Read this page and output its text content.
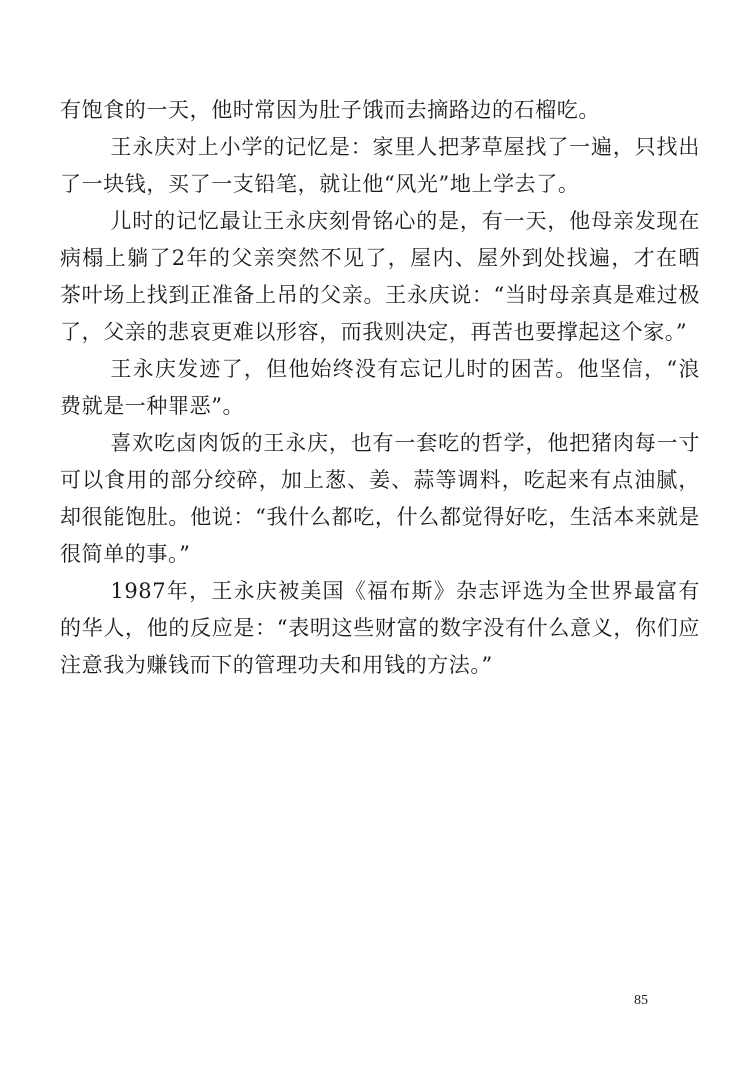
有饱食的一天，他时常因为肚子饿而去摘路边的石榴吃。

王永庆对上小学的记忆是：家里人把茅草屋找了一遍，只找出了一块钱，买了一支铅笔，就让他“风光”地上学去了。

儿时的记忆最让王永庆刻骨铭心的是，有一天，他母亲发现在病榻上躺了2年的父亲突然不见了，屋内、屋外到处找遍，才在晒茶叶场上找到正准备上吊的父亲。王永庆说：“当时母亲真是难过极了，父亲的悲哀更难以形容，而我则决定，再苦也要撑起这个家。”

王永庆发迹了，但他始终没有忘记儿时的困苦。他坚信，“浪费就是一种罪恶”。

喜欢吃卤肉饭的王永庆，也有一套吃的哲学，他把猪肉每一寸可以食用的部分绞碎，加上葱、姜、蒜等调料，吃起来有点油腻，却很能饱肚。他说：“我什么都吃，什么都觉得好吃，生活本来就是很简单的事。”

1987年，王永庆被美国《福布斯》杂志评选为全世界最富有的华人，他的反应是：“表明这些财富的数字没有什么意义，你们应注意我为赚钱而下的管理功夫和用钱的方法。”

85
